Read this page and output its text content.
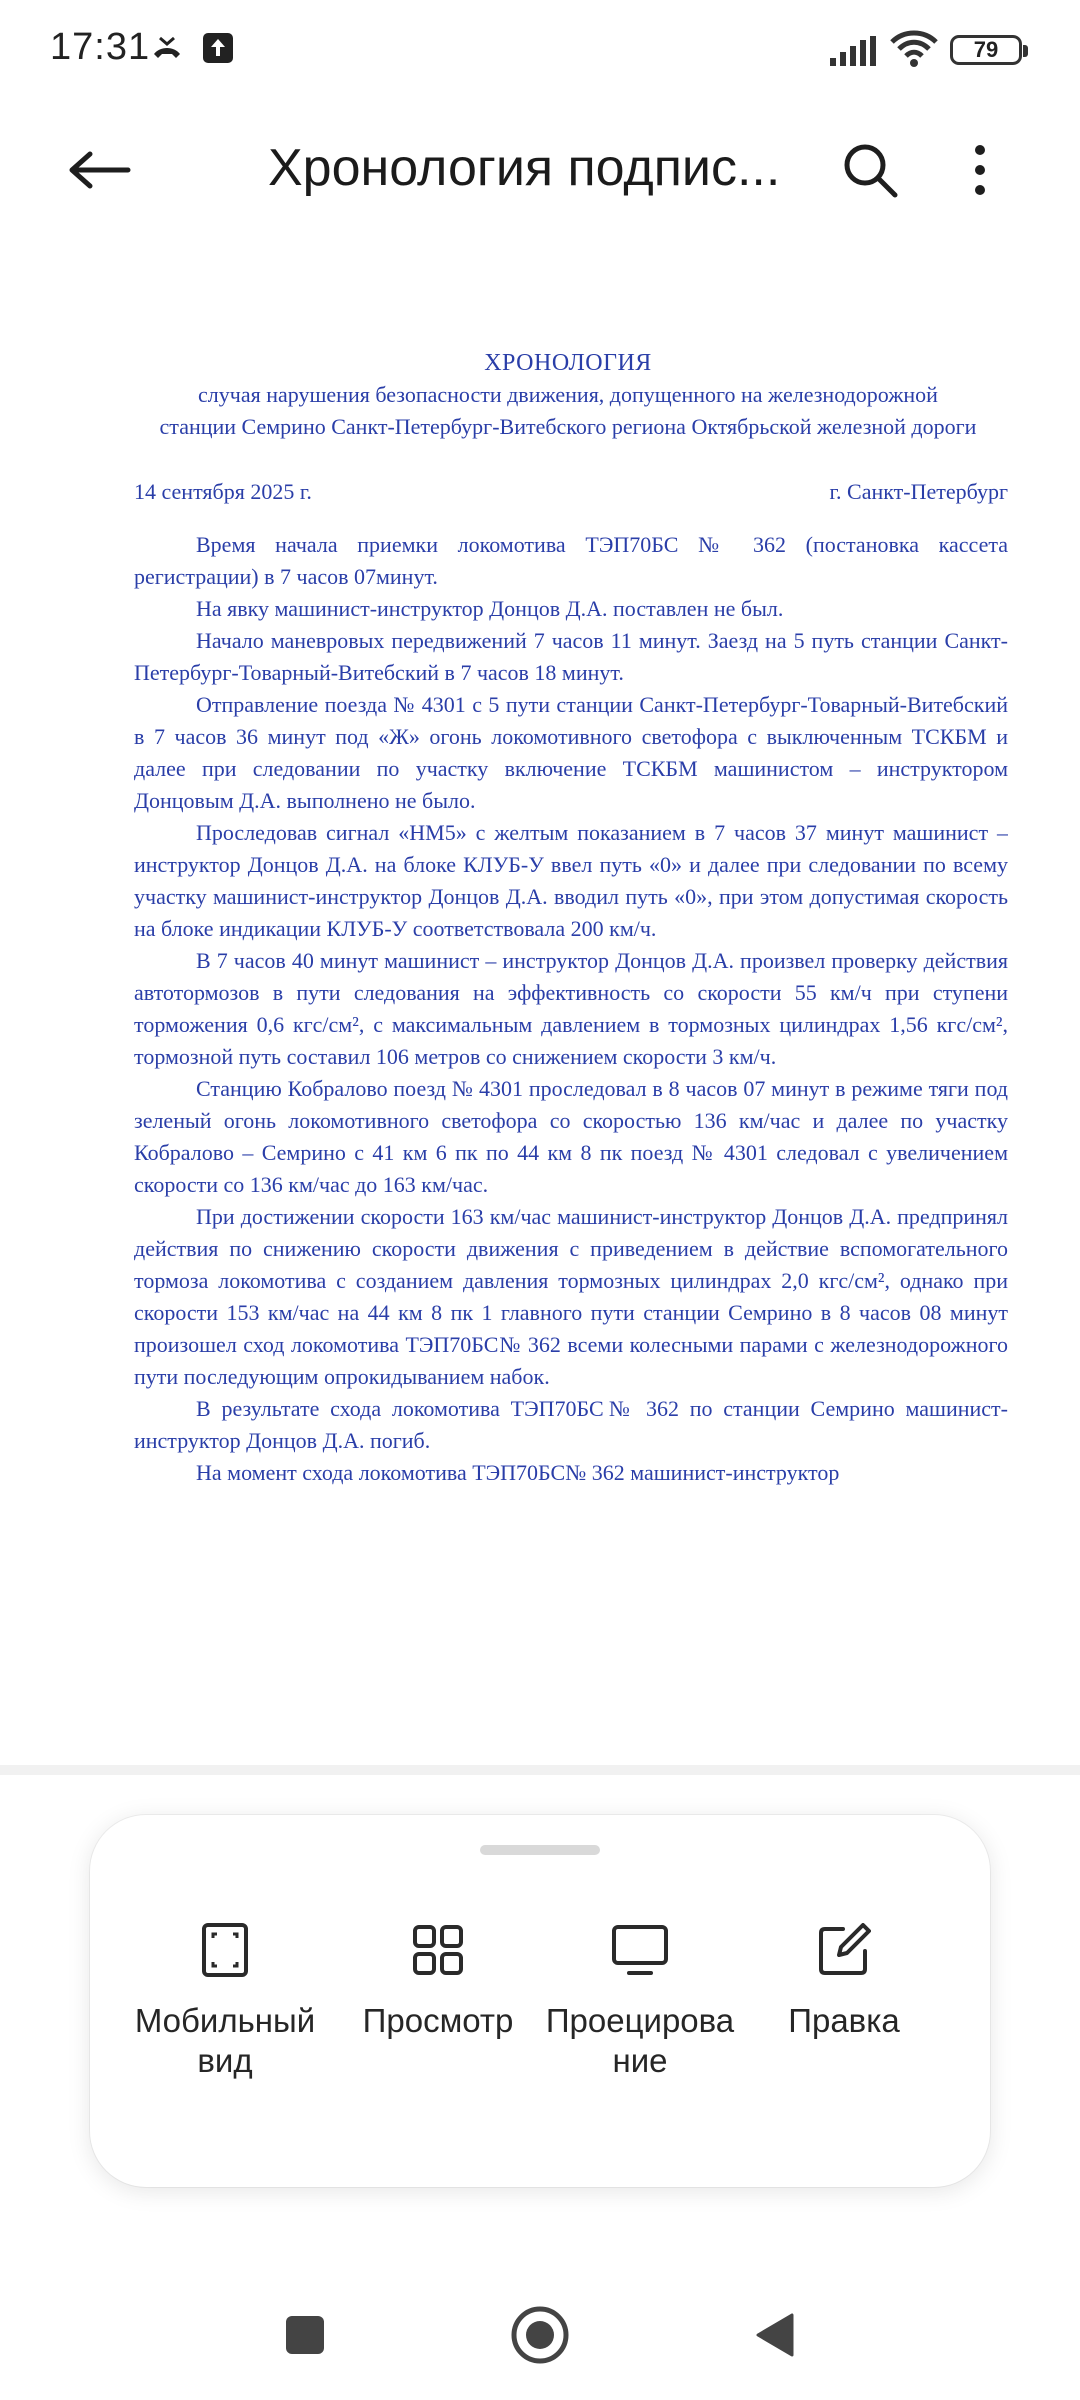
17:31	79
Хронология подпис...
ХРОНОЛОГИЯ
случая нарушения безопасности движения, допущенного на железнодорожной станции Семрино Санкт-Петербург-Витебского региона Октябрьской железной дороги
14 сентября 2025 г.	г. Санкт-Петербург

Время начала приемки локомотива ТЭП70БС № 362 (постановка кассета регистрации) в 7 часов 07минут.

На явку машинист-инструктор Донцов Д.А. поставлен не был.

Начало маневровых передвижений 7 часов 11 минут. Заезд на 5 путь станции Санкт-Петербург-Товарный-Витебский в 7 часов 18 минут.

Отправление поезда № 4301 с 5 пути станции Санкт-Петербург-Товарный-Витебский в 7 часов 36 минут под «Ж» огонь локомотивного светофора с выключенным ТСКБМ и далее при следовании по участку включение ТСКБМ машинистом – инструктором Донцовым Д.А. выполнено не было.

Проследовав сигнал «НМ5» с желтым показанием в 7 часов 37 минут машинист – инструктор Донцов Д.А. на блоке КЛУБ-У ввел путь «0» и далее при следовании по всему участку машинист-инструктор Донцов Д.А. вводил путь «0», при этом допустимая скорость на блоке индикации КЛУБ-У соответствовала 200 км/ч.

В 7 часов 40 минут машинист – инструктор Донцов Д.А. произвел проверку действия автотормозов в пути следования на эффективность со скорости 55 км/ч при ступени торможения 0,6 кгс/см², с максимальным давлением в тормозных цилиндрах 1,56 кгс/см², тормозной путь составил 106 метров со снижением скорости 3 км/ч.

Станцию Кобралово поезд № 4301 проследовал в 8 часов 07 минут в режиме тяги под зеленый огонь локомотивного светофора со скоростью 136 км/час и далее по участку Кобралово – Семрино с 41 км 6 пк по 44 км 8 пк поезд № 4301 следовал с увеличением скорости со 136 км/час до 163 км/час.

При достижении скорости 163 км/час машинист-инструктор Донцов Д.А. предпринял действия по снижению скорости движения с приведением в действие вспомогательного тормоза локомотива с созданием давления тормозных цилиндрах 2,0 кгс/см², однако при скорости 153 км/час на 44 км 8 пк 1 главного пути станции Семрино в 8 часов 08 минут произошел сход локомотива ТЭП70БС№ 362 всеми колесными парами с железнодорожного пути последующим опрокидыванием набок.

В результате схода локомотива ТЭП70БС№ 362 по станции Семрино машинист-инструктор Донцов Д.А. погиб.

На момент схода локомотива ТЭП70БС№ 362 машинист-инструктор

Мобильный вид
Просмотр Проецирова ние
Правка
